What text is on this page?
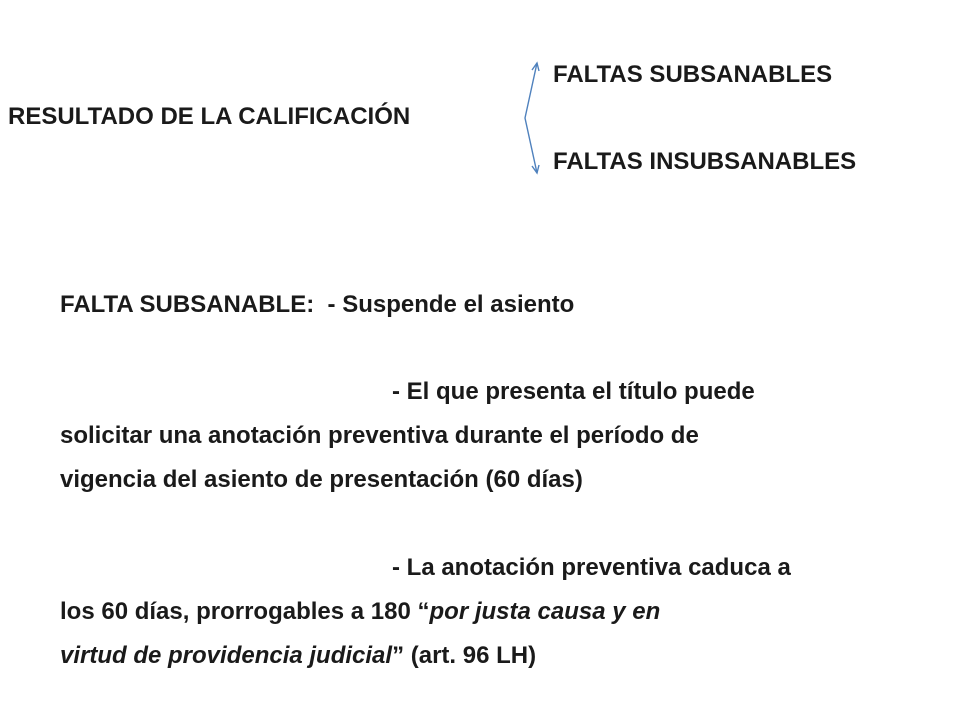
FALTAS SUBSANABLES
RESULTADO DE LA CALIFICACIÓN
FALTAS INSUBSANABLES
FALTA SUBSANABLE: - Suspende el asiento
- El que presenta el título puede
solicitar una anotación preventiva durante el período de
vigencia del asiento de presentación (60 días)
- La anotación preventiva caduca a
los 60 días, prorrogables a 180 “por justa causa y en
virtud de providencia judicial” (art. 96 LH)
